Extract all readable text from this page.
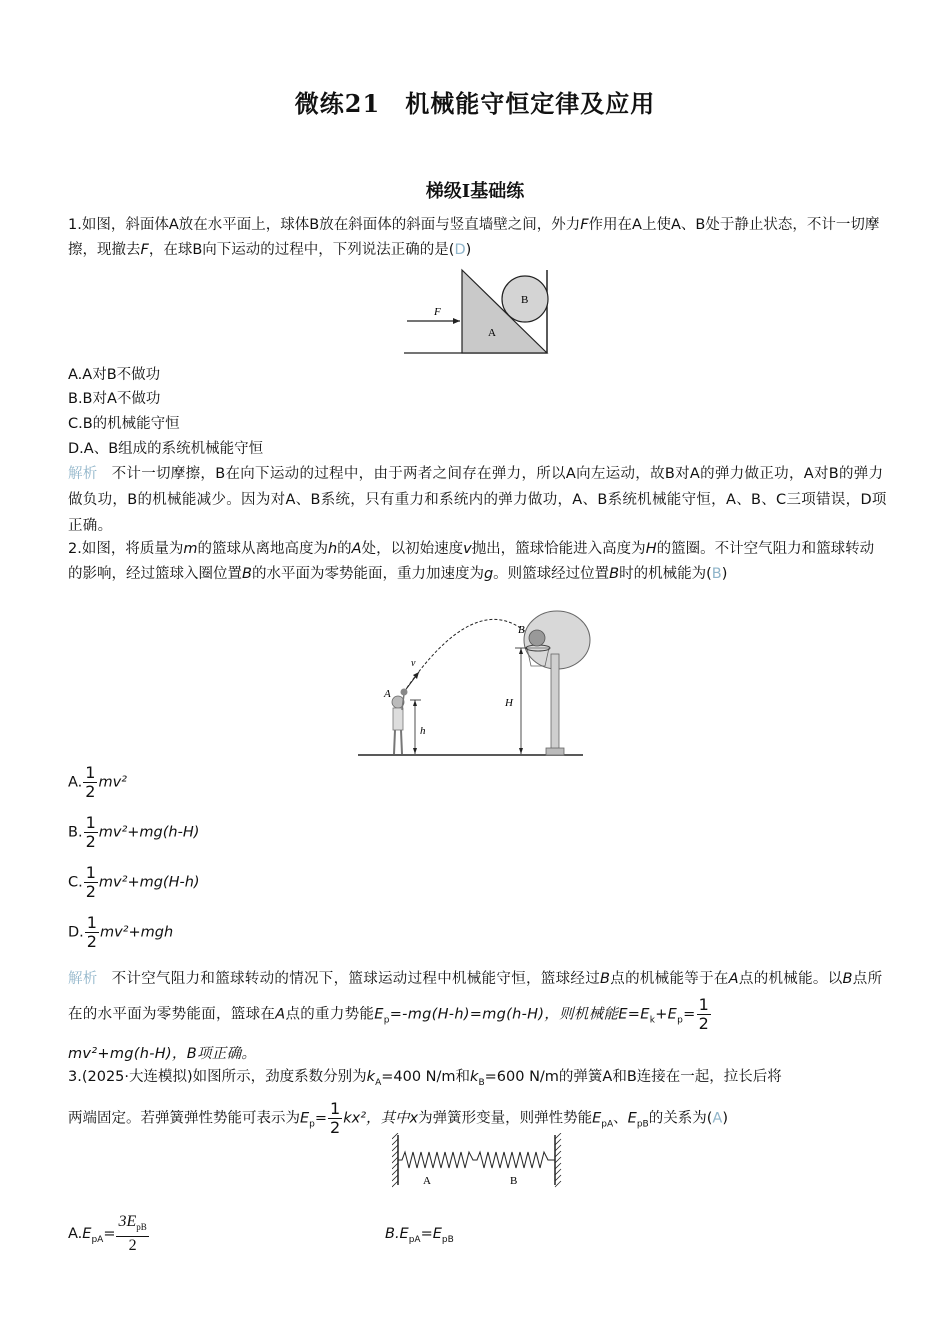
微练21　机械能守恒定律及应用
梯级Ⅰ基础练
1.如图，斜面体A放在水平面上，球体B放在斜面体的斜面与竖直墙壁之间，外力F作用在A上使A、B处于静止状态，不计一切摩擦，现撤去F，在球B向下运动的过程中，下列说法正确的是(D)
F
A
B
A.A对B不做功
B.B对A不做功
C.B的机械能守恒
D.A、B组成的系统机械能守恒
解析 不计一切摩擦，B在向下运动的过程中，由于两者之间存在弹力，所以A向左运动，故B对A的弹力做正功，A对B的弹力做负功，B的机械能减少。因为对A、B系统，只有重力和系统内的弹力做功，A、B系统机械能守恒，A、B、C三项错误，D项正确。
2.如图，将质量为m的篮球从离地高度为h的A处，以初始速度v抛出，篮球恰能进入高度为H的篮圈。不计空气阻力和篮球转动的影响，经过篮球入圈位置B的水平面为零势能面，重力加速度为g。则篮球经过位置B时的机械能为(B)
v
A
h
B
H
A. $\frac{1}{2} mv^2$
B. $\frac{1}{2} mv^2+mg(h-H)$
C. $\frac{1}{2} mv^2+mg(H-h)$
D. $\frac{1}{2} mv^2+mgh$
解析 不计空气阻力和篮球转动的情况下，篮球运动过程中机械能守恒，篮球经过B点的机械能等于在A点的机械能。以B点所在的水平面为零势能面，篮球在A点的重力势能$E_p=-mg(H-h)=mg(h-H)$，则机械能$E=E_k+E_p= \frac{1}{2}$

mv²+mg(h-H)，B项正确。
3.(2025·大连模拟)如图所示，劲度系数分别为$k_A=400$ N/m和$k_B=600$ N/m的弹簧A和B连接在一起，拉长后将
两端固定。若弹簧弹性势能可表示为$E_p= \frac{1}{2} kx^2$，其中x为弹簧形变量，则弹性势能$E_{pA}$、$E_{pB}$的关系为(A)
A	B
$A.E_{pA}= \frac{3E_{pB}}{2}$	$B.E_{pA}=E_{pB}$
